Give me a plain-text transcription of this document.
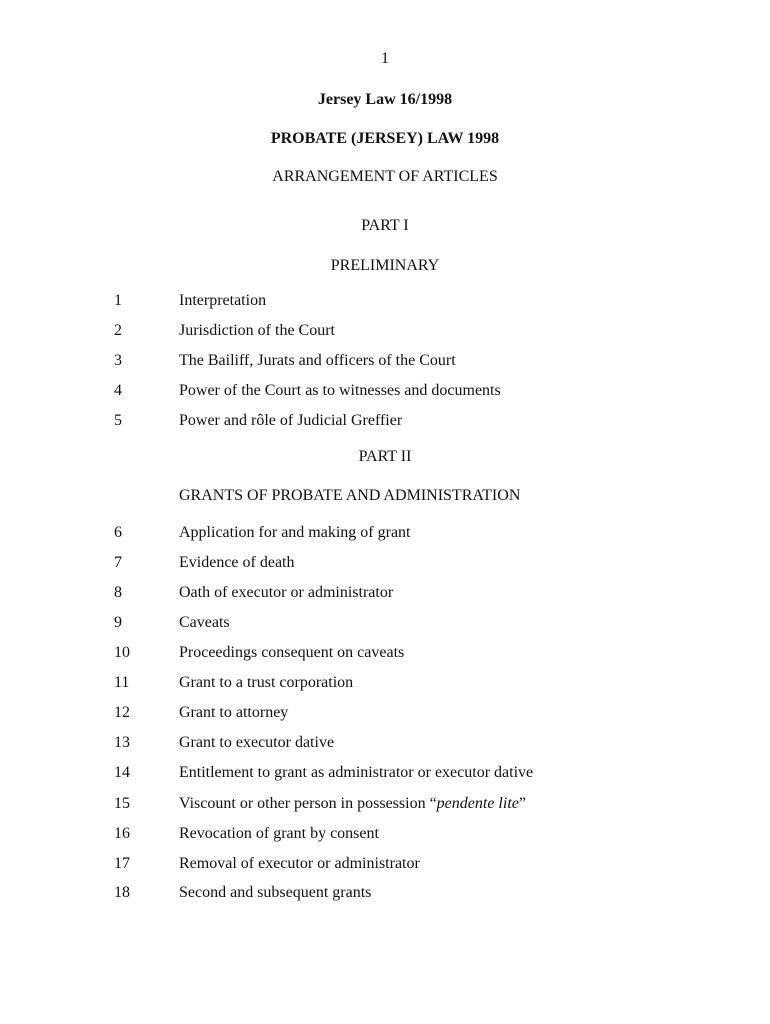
1
Jersey Law 16/1998
PROBATE (JERSEY) LAW 1998
ARRANGEMENT OF ARTICLES
PART I
PRELIMINARY
1	Interpretation
2	Jurisdiction of the Court
3	The Bailiff, Jurats and officers of the Court
4	Power of the Court as to witnesses and documents
5	Power and rôle of Judicial Greffier
PART II
GRANTS OF PROBATE AND ADMINISTRATION
6	Application for and making of grant
7	Evidence of death
8	Oath of executor or administrator
9	Caveats
10	Proceedings consequent on caveats
11	Grant to a trust corporation
12	Grant to attorney
13	Grant to executor dative
14	Entitlement to grant as administrator or executor dative
15	Viscount or other person in possession “pendente lite”
16	Revocation of grant by consent
17	Removal of executor or administrator
18	Second and subsequent grants
